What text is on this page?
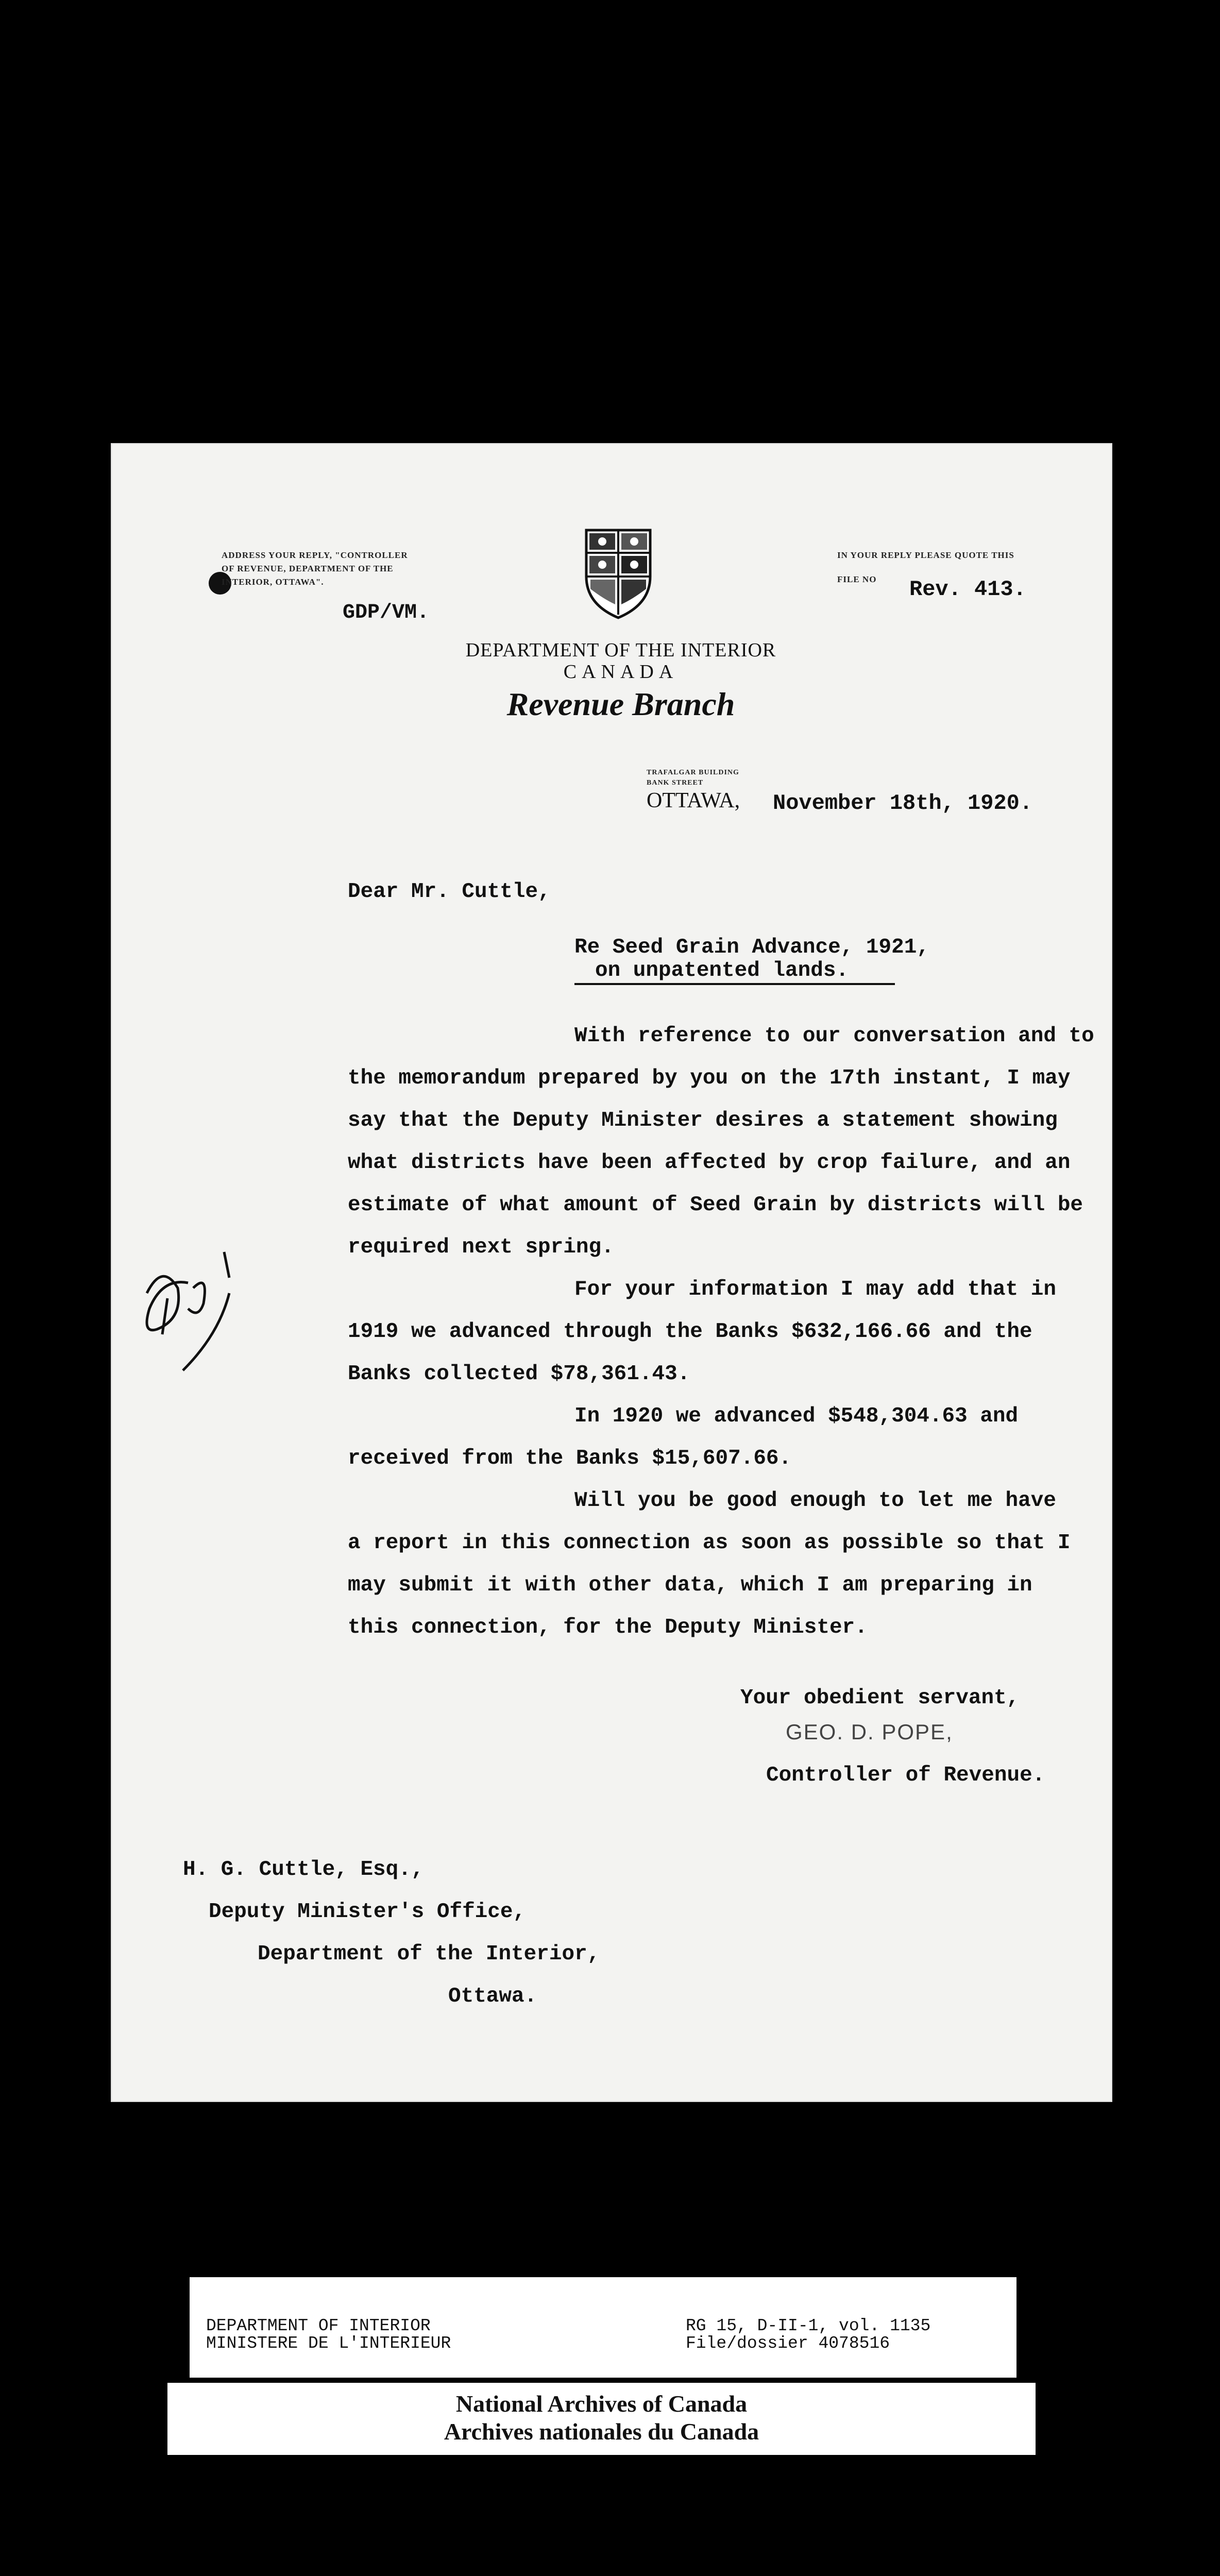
ADDRESS YOUR REPLY, "CONTROLLER
OF REVENUE, DEPARTMENT OF THE
INTERIOR, OTTAWA".
IN YOUR REPLY PLEASE QUOTE THIS
FILE NO Rev. 413.
GDP/VM.
DEPARTMENT OF THE INTERIOR
CANADA
Revenue Branch
TRAFALGAR BUILDING
BANK STREET
OTTAWA, November 18th, 1920.
Dear Mr. Cuttle,
Re Seed Grain Advance, 1921,
on unpatented lands.
With reference to our conversation and to
the memorandum prepared by you on the 17th instant, I may
say that the Deputy Minister desires a statement showing
what districts have been affected by crop failure, and an
estimate of what amount of Seed Grain by districts will be
required next spring.
For your information I may add that in
1919 we advanced through the Banks $632,166.66 and the
Banks collected $78,361.43.
In 1920 we advanced $548,304.63 and
received from the Banks $15,607.66.
Will you be good enough to let me have
a report in this connection as soon as possible so that I
may submit it with other data, which I am preparing in
this connection, for the Deputy Minister.
Your obedient servant,
GEO. D. POPE,
Controller of Revenue.
H. G. Cuttle, Esq.,
Deputy Minister's Office,
Department of the Interior,
Ottawa.
DEPARTMENT OF INTERIOR
MINISTERE DE L'INTERIEUR
RG 15, D-II-1, vol. 1135
File/dossier 4078516
National Archives of Canada
Archives nationales du Canada
